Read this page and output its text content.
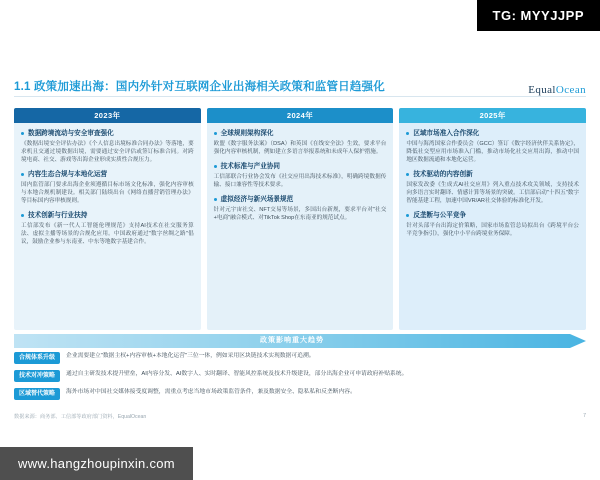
TG: MYYJJPP
1.1 政策加速出海：国内外针对互联网企业出海相关政策和监管日趋强化	EqualOcean
2023年
数据跨境流动与安全审查强化
《数据出境安全评估办法》《个人信息出境标准合同办法》等落地，要求机且交通过境数据出境，需要通过安全评估或签订标准合同。对跨境电商、社交、游戏等出海企业形成实质性合规压力。
内容生态合规与本地化运营
国内监管部门要求出海企业须遵循目标市场文化标准，强化内容审核与本地合规机制建设。相关部门陆续出台《网络直播营销管理办法》等目标国内容审核规则。
技术创新与行业扶持
工信部发布《新一代人工智能伦理规范》支持AI技术在社交服务算法、虚拟主播等场景的合规化应用。中国政府通过"数字丝绸之路"倡议，鼓励企业参与东南亚、中东等地数字基建合作。
2024年
全球规则架构深化
欧盟《数字服务法案》（DSA）和英国《在线安全法》生效，要求平台强化内容审核机制，例如建立多语言举报系统和未成年人保护措施。
技术标准与产业协同
工信部联合行业协会发布《社交应用出海技术标准》，明确跨境数据传输、接口兼容性等技术要求。
虚拟经济与新兴场景规范
针对元宇宙社交、NFT交易等场景，多国出台新规，要求平台对"社交+电商"融合模式、对TikTok Shop在东南亚的规范试点。
2025年
区域市场准入合作深化
中国与海湾国家合作委员会（GCC）签订《数字经济伙伴关系协定》，降低社交型应用市场准入门槛，推动市场化社交应用出海，推动中国地区数据流通和本地化运营。
技术驱动的内容创新
国家发改委《生成式AI社交应用》列入重点技术攻关领域，支持技术向多语言实时翻译、情感计算等场景的突破。工信部启动"十四五"数字智能基建工程，加速中国VR/AR社交体验的标准化开发。
反垄断与公平竞争
针对头部平台出海定价策略，国家市场监管总局拟出台《跨境平台公平竞争指引》，强化中小平台跨境业务保障。
政策影响重大趋势
合规体系升级	企业需要建立"数据主权+内容审核+本地化运营"三位一体，例如采用区块链技术实现数据可追溯。
技术对冲策略	通过自主研发技术提升壁垒，AI内容分发、AI数字人、实时翻译、智能风控系统及技术升级建设，部分出海企业可申请政府补贴系统。
区域替代策略	海外市场对中国社交媒体接受度调整，需重点考虑当地市场政策监管条件，兼及数据安全、隐私私和反垄断内容。
数据来源：商务部、工信部等政府部门资料，EqualOcean	7
www.hangzhoupinxin.com
